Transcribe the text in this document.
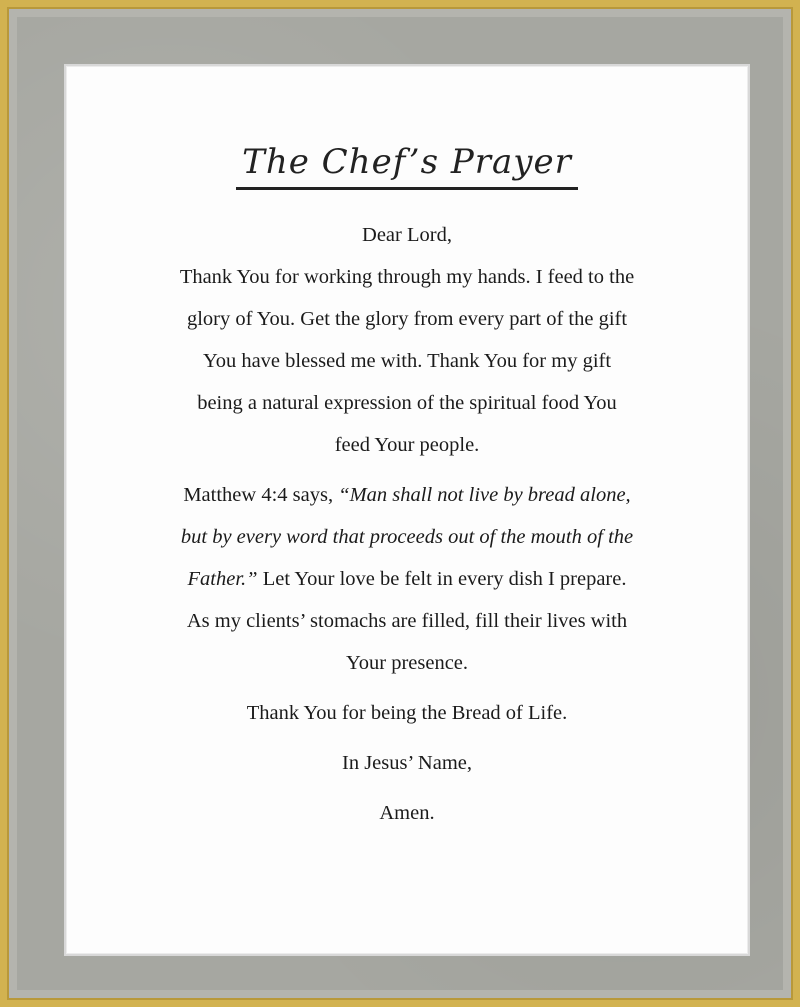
The Chef’s Prayer

Dear Lord,

Thank You for working through my hands. I feed to the

glory of You. Get the glory from every part of the gift

You have blessed me with. Thank You for my gift

being a natural expression of the spiritual food You

feed Your people.

Matthew 4:4 says, “Man shall not live by bread alone,

but by every word that proceeds out of the mouth of the

Father.” Let Your love be felt in every dish I prepare.

As my clients’ stomachs are filled, fill their lives with

Your presence.

Thank You for being the Bread of Life.

In Jesus’ Name,

Amen.
